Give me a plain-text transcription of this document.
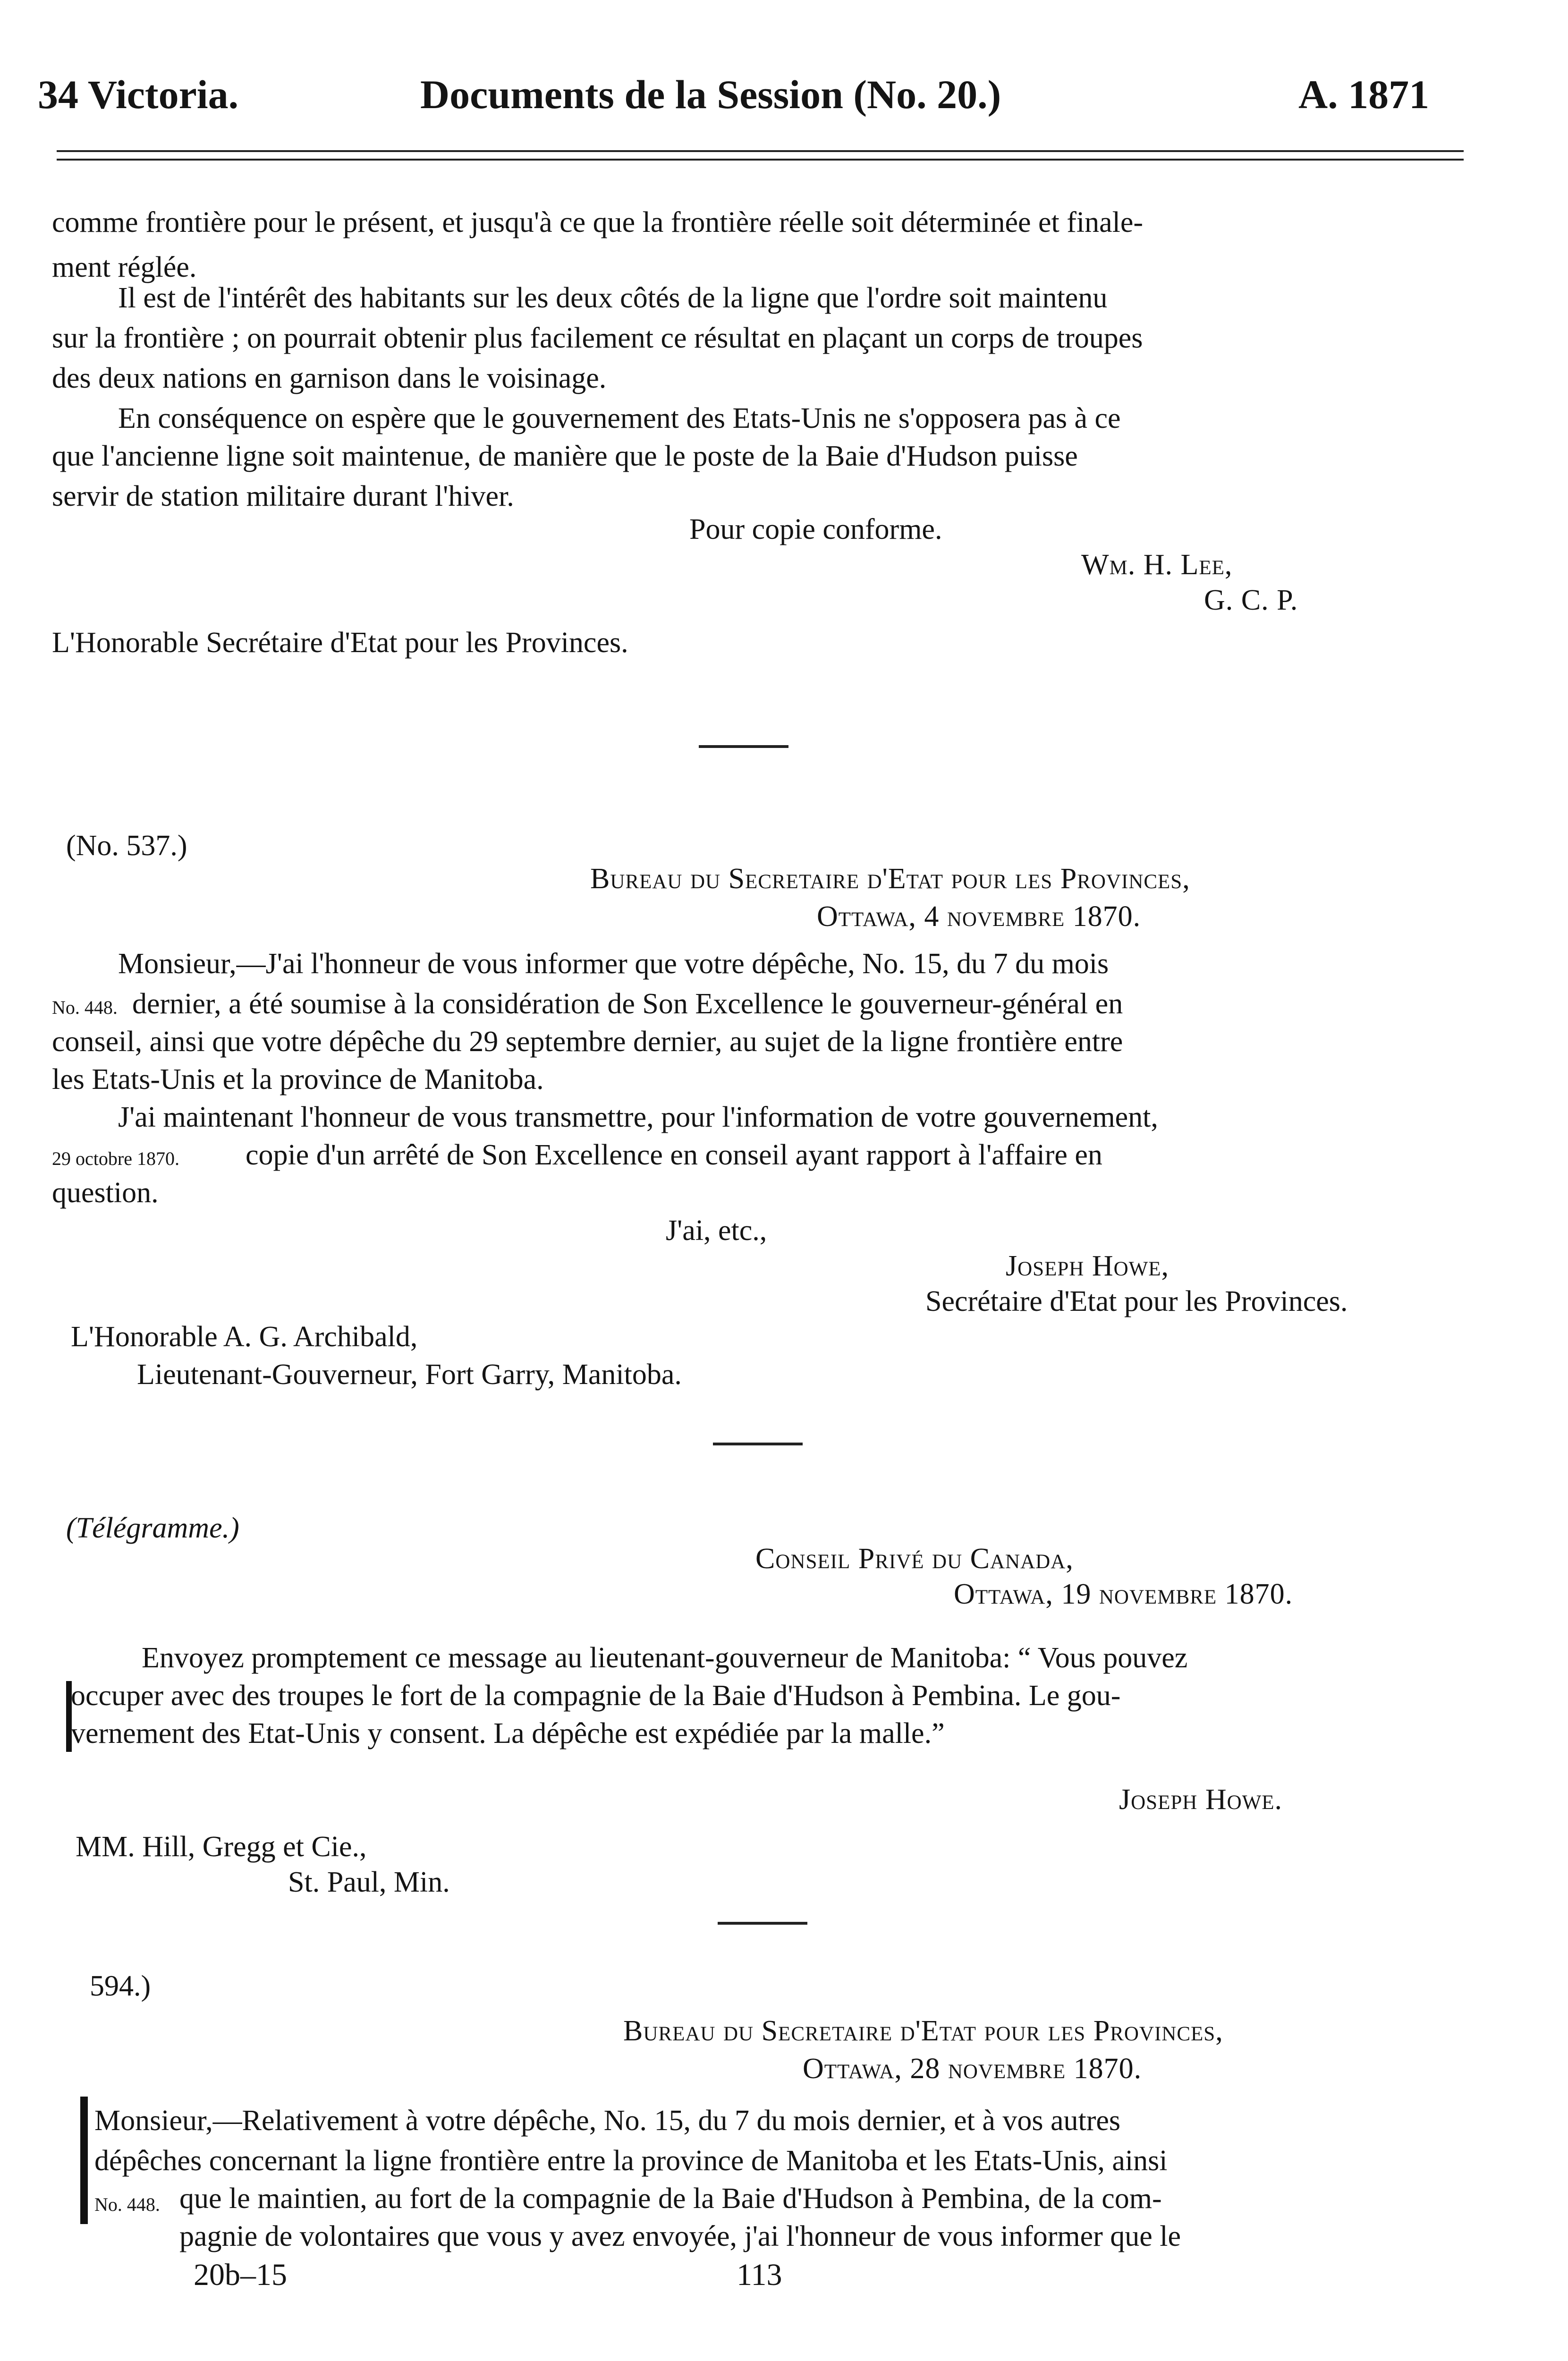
34 Victoria.	Documents de la Session (No. 20.)	A. 1871
comme frontière pour le présent, et jusqu'à ce que la frontière réelle soit déterminée et finale-
ment réglée.
Il est de l'intérêt des habitants sur les deux côtés de la ligne que l'ordre soit maintenu
sur la frontière ; on pourrait obtenir plus facilement ce résultat en plaçant un corps de troupes
des deux nations en garnison dans le voisinage.
En conséquence on espère que le gouvernement des Etats-Unis ne s'opposera pas à ce
que l'ancienne ligne soit maintenue, de manière que le poste de la Baie d'Hudson puisse
servir de station militaire durant l'hiver.
Pour copie conforme.
Wm. H. Lee,
G. C. P.
L'Honorable Secrétaire d'Etat pour les Provinces.
(No. 537.)
Bureau du Secretaire d'Etat pour les Provinces,
Ottawa, 4 novembre 1870.
Monsieur,—J'ai l'honneur de vous informer que votre dépêche, No. 15, du 7 du mois
No. 448. dernier, a été soumise à la considération de Son Excellence le gouverneur-général en
conseil, ainsi que votre dépêche du 29 septembre dernier, au sujet de la ligne frontière entre
les Etats-Unis et la province de Manitoba.
J'ai maintenant l'honneur de vous transmettre, pour l'information de votre gouvernement,
29 octobre 1870. copie d'un arrêté de Son Excellence en conseil ayant rapport à l'affaire en
question.
J'ai, etc.,
Joseph Howe,
Secrétaire d'Etat pour les Provinces.
L'Honorable A. G. Archibald,
Lieutenant-Gouverneur, Fort Garry, Manitoba.
(Télégramme.)
Conseil Privé du Canada,
Ottawa, 19 novembre 1870.
Envoyez promptement ce message au lieutenant-gouverneur de Manitoba: “ Vous pouvez
occuper avec des troupes le fort de la compagnie de la Baie d'Hudson à Pembina. Le gou-
vernement des Etat-Unis y consent. La dépêche est expédiée par la malle.”
Joseph Howe.
MM. Hill, Gregg et Cie.,
St. Paul, Min.
594.)
Bureau du Secretaire d'Etat pour les Provinces,
Ottawa, 28 novembre 1870.
Monsieur,—Relativement à votre dépêche, No. 15, du 7 du mois dernier, et à vos autres
dépêches concernant la ligne frontière entre la province de Manitoba et les Etats-Unis, ainsi
No. 448. que le maintien, au fort de la compagnie de la Baie d'Hudson à Pembina, de la com-
pagnie de volontaires que vous y avez envoyée, j'ai l'honneur de vous informer que le
20b–15	113
